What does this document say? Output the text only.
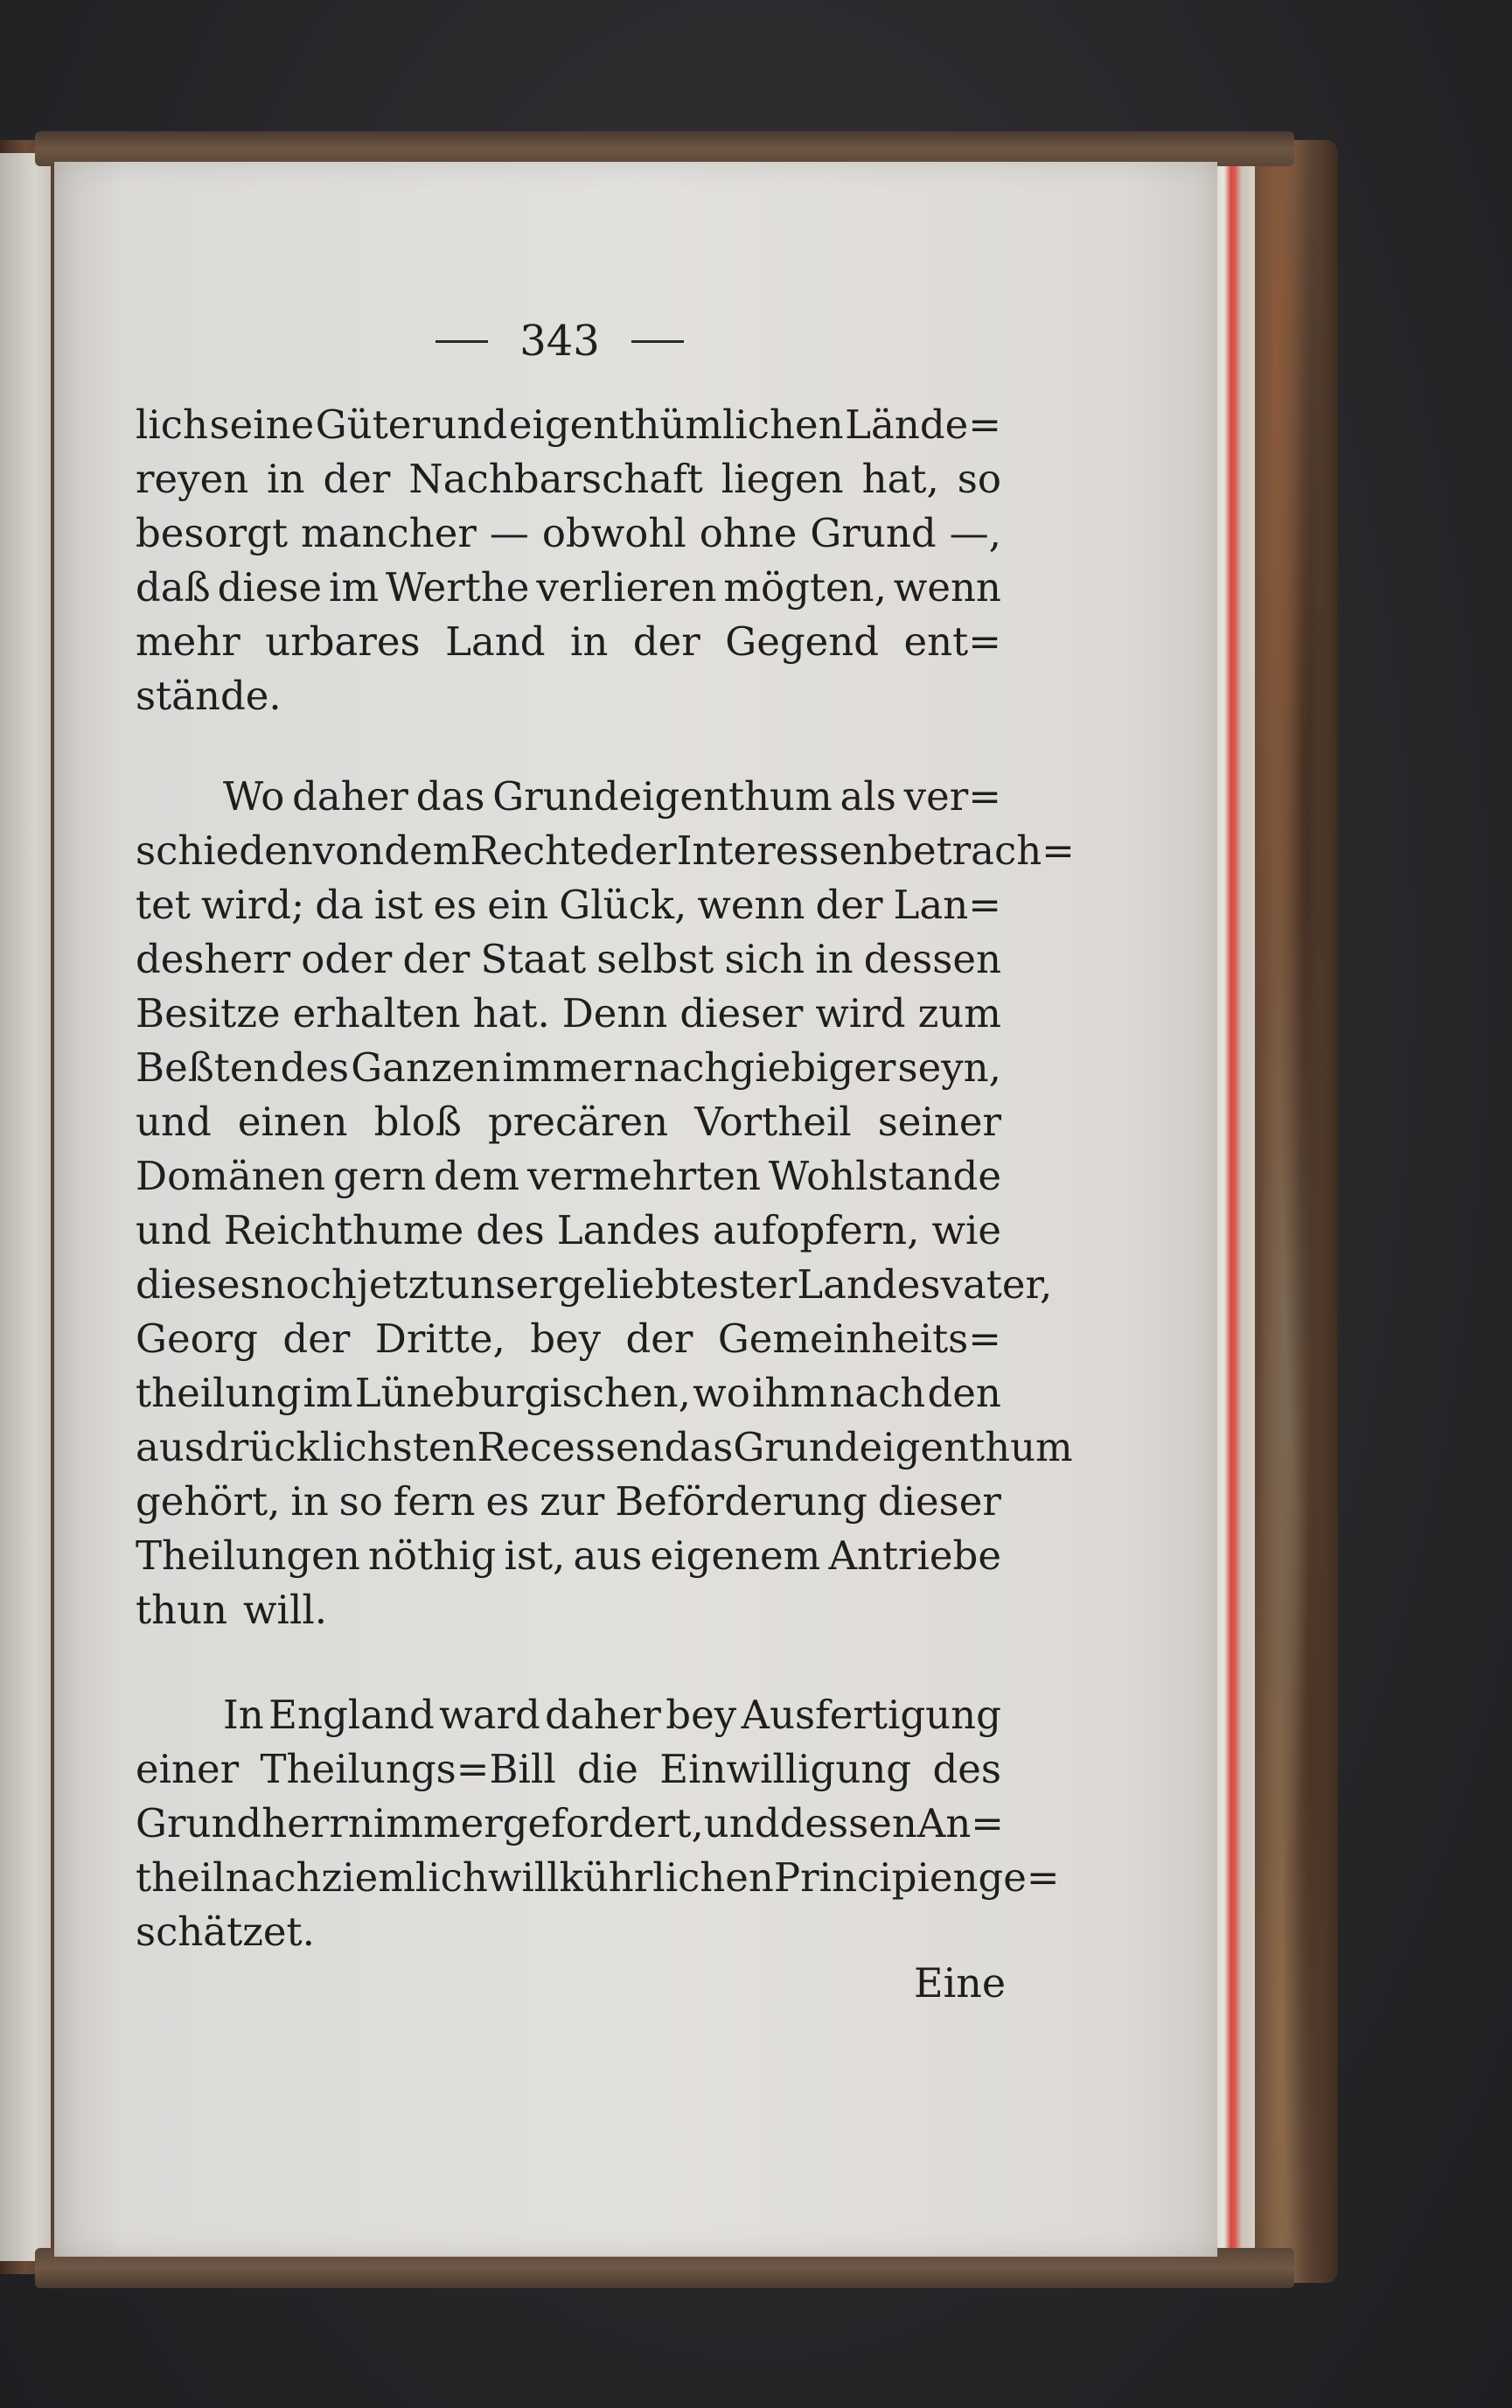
343
lich seine Güter und eigenthümlichen Lände=
reyen in der Nachbarschaft liegen hat, so
besorgt mancher — obwohl ohne Grund —,
daß diese im Werthe verlieren mögten, wenn
mehr urbares Land in der Gegend ent=
stände.
Wo daher das Grundeigenthum als ver=
schieden von dem Rechte der Interessen betrach=
tet wird; da ist es ein Glück, wenn der Lan=
desherr oder der Staat selbst sich in dessen
Besitze erhalten hat. Denn dieser wird zum
Beßten des Ganzen immer nachgiebiger seyn,
und einen bloß precären Vortheil seiner
Domänen gern dem vermehrten Wohlstande
und Reichthume des Landes aufopfern, wie
dieses noch jetzt unser geliebtester Landesvater,
Georg der Dritte, bey der Gemeinheits=
theilung im Lüneburgischen, wo ihm nach den
ausdrücklichsten Recessen das Grundeigenthum
gehört, in so fern es zur Beförderung dieser
Theilungen nöthig ist, aus eigenem Antriebe
thun will.
In England ward daher bey Ausfertigung
einer Theilungs=Bill die Einwilligung des
Grundherrn immer gefordert, und dessen An=
theil nach ziemlich willkührlichen Principien ge=
schätzet.
Eine
